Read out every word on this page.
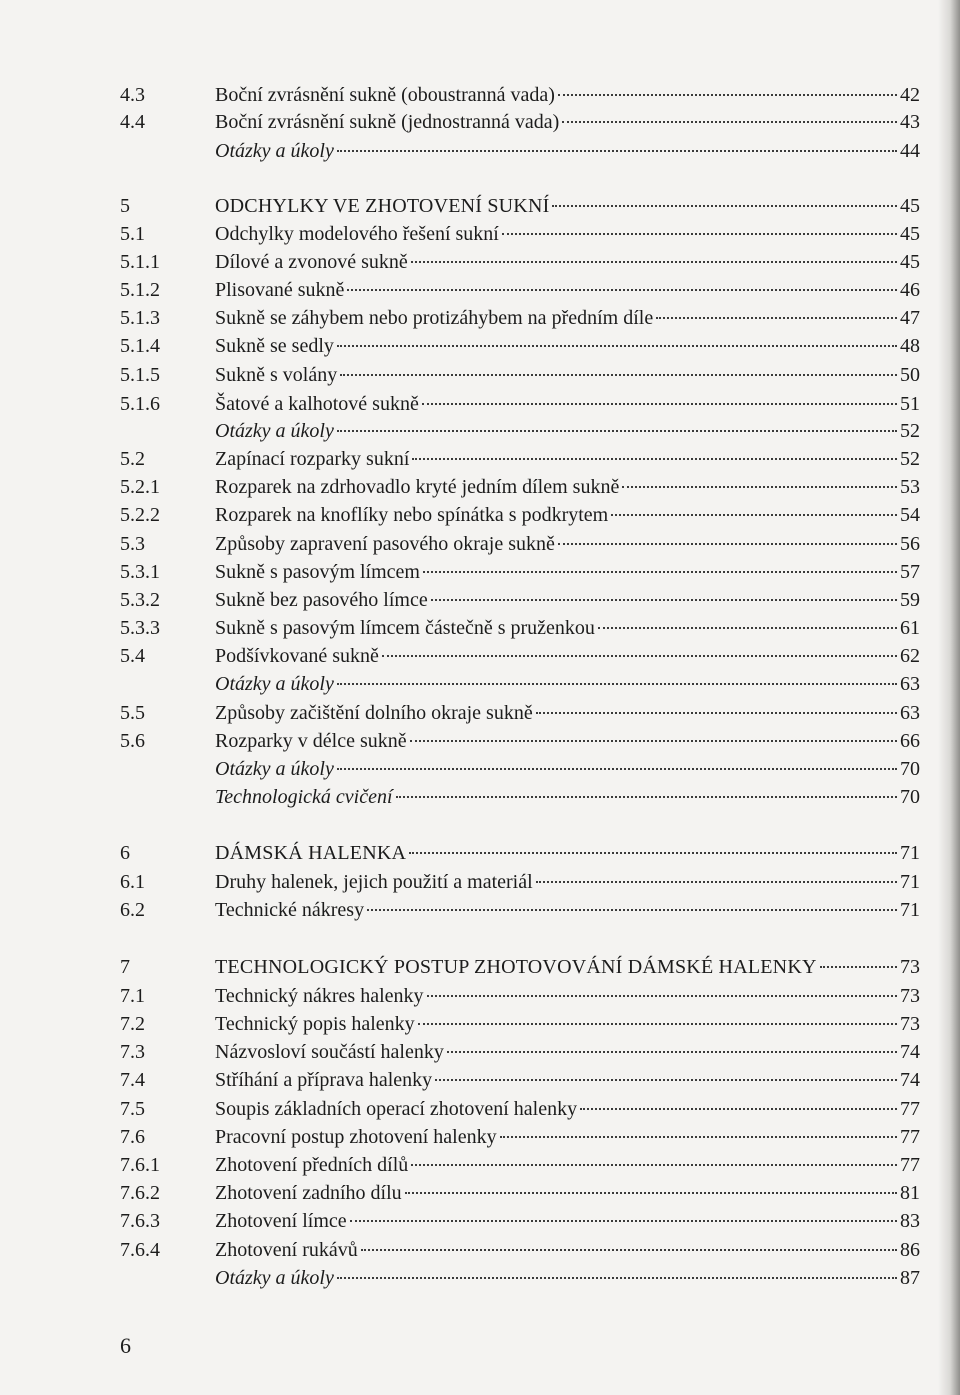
4.3	Boční zvrásnění sukně (oboustranná vada)	42
4.4	Boční zvrásnění sukně (jednostranná vada)	43
Otázky a úkoly	44
5	ODCHYLKY VE ZHOTOVENÍ SUKNÍ	45
5.1	Odchylky modelového řešení sukní	45
5.1.1	Dílové a zvonové sukně	45
5.1.2	Plisované sukně	46
5.1.3	Sukně se záhybem nebo protizáhybem na předním díle	47
5.1.4	Sukně se sedly	48
5.1.5	Sukně s volány	50
5.1.6	Šatové a kalhotové sukně	51
Otázky a úkoly	52
5.2	Zapínací rozparky sukní	52
5.2.1	Rozparek na zdrhovadlo kryté jedním dílem sukně	53
5.2.2	Rozparek na knoflíky nebo spínátka s podkrytem	54
5.3	Způsoby zapravení pasového okraje sukně	56
5.3.1	Sukně s pasovým límcem	57
5.3.2	Sukně bez pasového límce	59
5.3.3	Sukně s pasovým límcem částečně s pruženkou	61
5.4	Podšívkované sukně	62
Otázky a úkoly	63
5.5	Způsoby začištění dolního okraje sukně	63
5.6	Rozparky v délce sukně	66
Otázky a úkoly	70
Technologická cvičení	70
6	DÁMSKÁ HALENKA	71
6.1	Druhy halenek, jejich použití a materiál	71
6.2	Technické nákresy	71
7	TECHNOLOGICKÝ POSTUP ZHOTOVOVÁNÍ DÁMSKÉ HALENKY	73
7.1	Technický nákres halenky	73
7.2	Technický popis halenky	73
7.3	Názvosloví součástí halenky	74
7.4	Stříhání a příprava halenky	74
7.5	Soupis základních operací zhotovení halenky	77
7.6	Pracovní postup zhotovení halenky	77
7.6.1	Zhotovení předních dílů	77
7.6.2	Zhotovení zadního dílu	81
7.6.3	Zhotovení límce	83
7.6.4	Zhotovení rukávů	86
Otázky a úkoly	87
6
